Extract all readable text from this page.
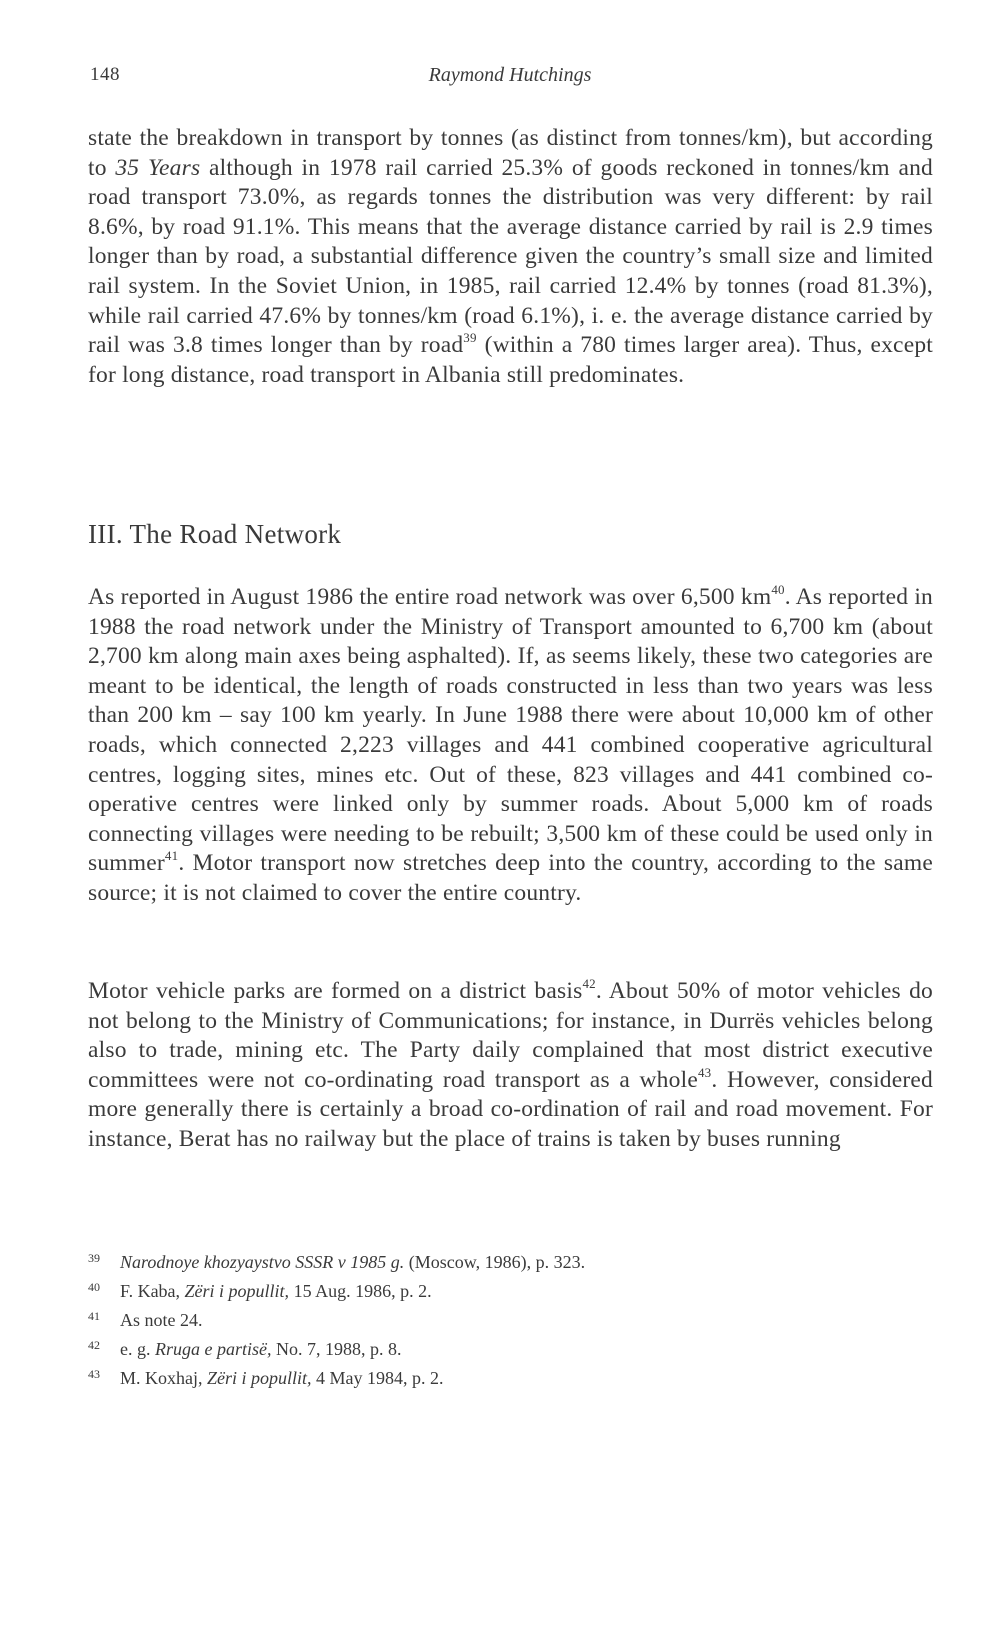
148	Raymond Hutchings

state the breakdown in transport by tonnes (as distinct from tonnes/km), but according to 35 Years although in 1978 rail carried 25.3% of goods reckoned in tonnes/km and road transport 73.0%, as regards tonnes the distribution was very different: by rail 8.6%, by road 91.1%. This means that the average distance carried by rail is 2.9 times longer than by road, a substantial difference given the country’s small size and limited rail system. In the Soviet Union, in 1985, rail carried 12.4% by tonnes (road 81.3%), while rail carried 47.6% by tonnes/km (road 6.1%), i. e. the average distance carried by rail was 3.8 times longer than by road$^{39}$ (within a 780 times larger area). Thus, except for long distance, road transport in Albania still predominates.

III. The Road Network

As reported in August 1986 the entire road network was over 6,500 $km^{40}$. As reported in 1988 the road network under the Ministry of Transport amounted to 6,700 km (about 2,700 km along main axes being asphalted). If, as seems likely, these two categories are meant to be identical, the length of roads constructed in less than two years was less than 200 km – say 100 km yearly. In June 1988 there were about 10,000 km of other roads, which connected 2,223 villages and 441 combined cooperative agricultural centres, logging sites, mines etc. Out of these, 823 villages and 441 combined co-operative centres were linked only by summer roads. About 5,000 km of roads connecting villages were needing to be rebuilt; 3,500 km of these could be used only in summer$^{41}$. Motor transport now stretches deep into the country, according to the same source; it is not claimed to cover the entire country.

Motor vehicle parks are formed on a district basis$^{42}$. About 50% of motor vehicles do not belong to the Ministry of Communications; for instance, in Durrës vehicles belong also to trade, mining etc. The Party daily complained that most district executive committees were not co-ordinating road transport as a whole$^{43}$. However, considered more generally there is certainly a broad co-ordination of rail and road movement. For instance, Berat has no railway but the place of trains is taken by buses running

39	Narodnoye khozyaystvo SSSR v 1985 g. (Moscow, 1986), p. 323.
40	F. Kaba, Zëri i popullit, 15 Aug. 1986, p. 2.
41	As note 24.
42	e. g. Rruga e partisë, No. 7, 1988, p. 8.
43	M. Koxhaj, Zëri i popullit, 4 May 1984, p. 2.
